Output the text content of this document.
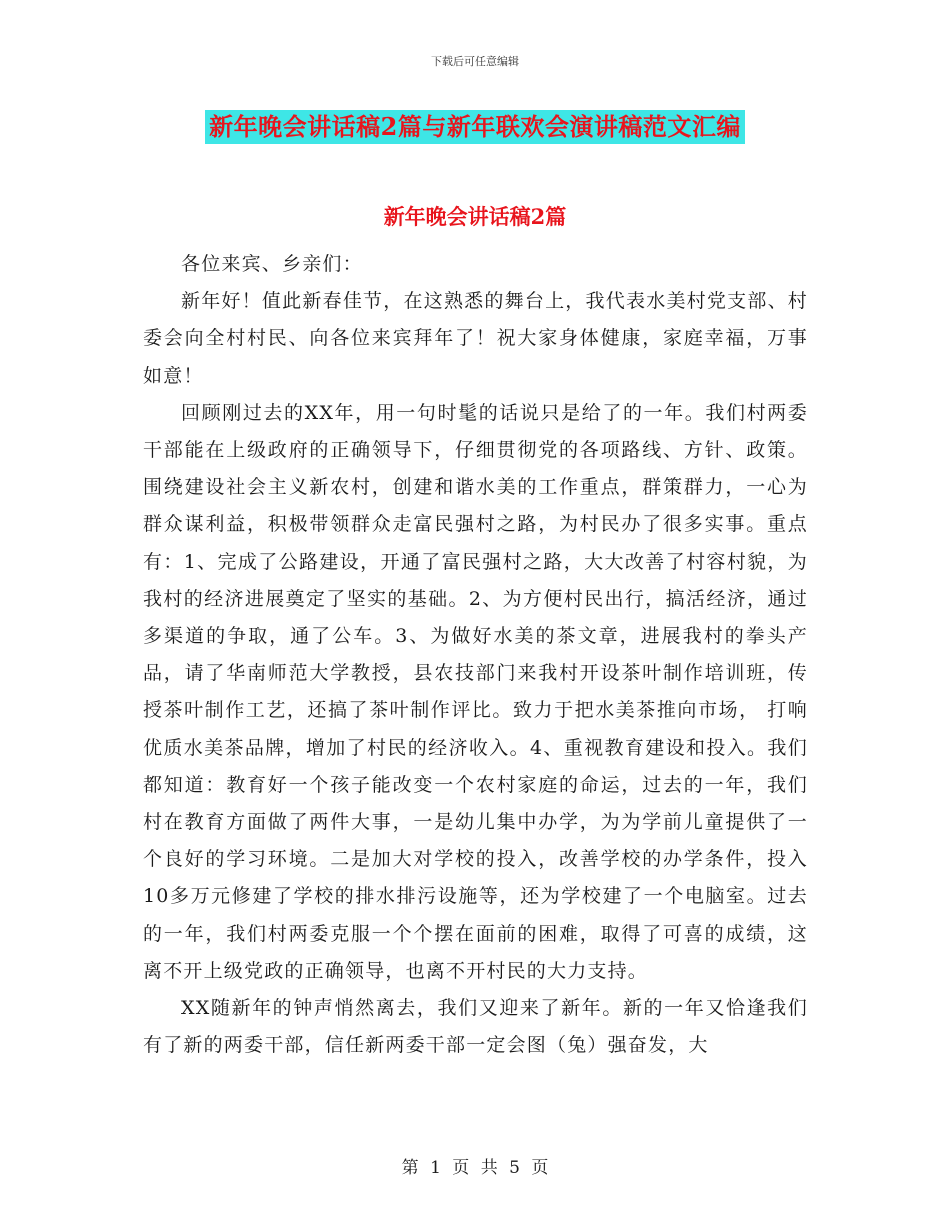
下载后可任意编辑
新年晚会讲话稿2篇与新年联欢会演讲稿范文汇编
新年晚会讲话稿2篇

各位来宾、乡亲们：

新年好！值此新春佳节，在这熟悉的舞台上，我代表水美村党支部、村委会向全村村民、向各位来宾拜年了！祝大家身体健康，家庭幸福，万事如意！

回顾刚过去的XX年，用一句时髦的话说只是给了的一年。我们村两委干部能在上级政府的正确领导下，仔细贯彻党的各项路线、方针、政策。围绕建设社会主义新农村，创建和谐水美的工作重点，群策群力，一心为群众谋利益，积极带领群众走富民强村之路，为村民办了很多实事。重点有：1、完成了公路建设，开通了富民强村之路，大大改善了村容村貌，为我村的经济进展奠定了坚实的基础。2、为方便村民出行，搞活经济，通过多渠道的争取，通了公车。3、为做好水美的茶文章，进展我村的拳头产品，请了华南师范大学教授，县农技部门来我村开设茶叶制作培训班，传授茶叶制作工艺，还搞了茶叶制作评比。致力于把水美茶推向市场， 打响优质水美茶品牌，增加了村民的经济收入。4、重视教育建设和投入。我们都知道：教育好一个孩子能改变一个农村家庭的命运，过去的一年，我们村在教育方面做了两件大事，一是幼儿集中办学，为为学前儿童提供了一个良好的学习环境。二是加大对学校的投入，改善学校的办学条件，投入10多万元修建了学校的排水排污设施等，还为学校建了一个电脑室。过去的一年，我们村两委克服一个个摆在面前的困难，取得了可喜的成绩，这离不开上级党政的正确领导，也离不开村民的大力支持。

XX随新年的钟声悄然离去，我们又迎来了新年。新的一年又恰逢我们有了新的两委干部，信任新两委干部一定会图（兔）强奋发，大

第 1 页 共 5 页
